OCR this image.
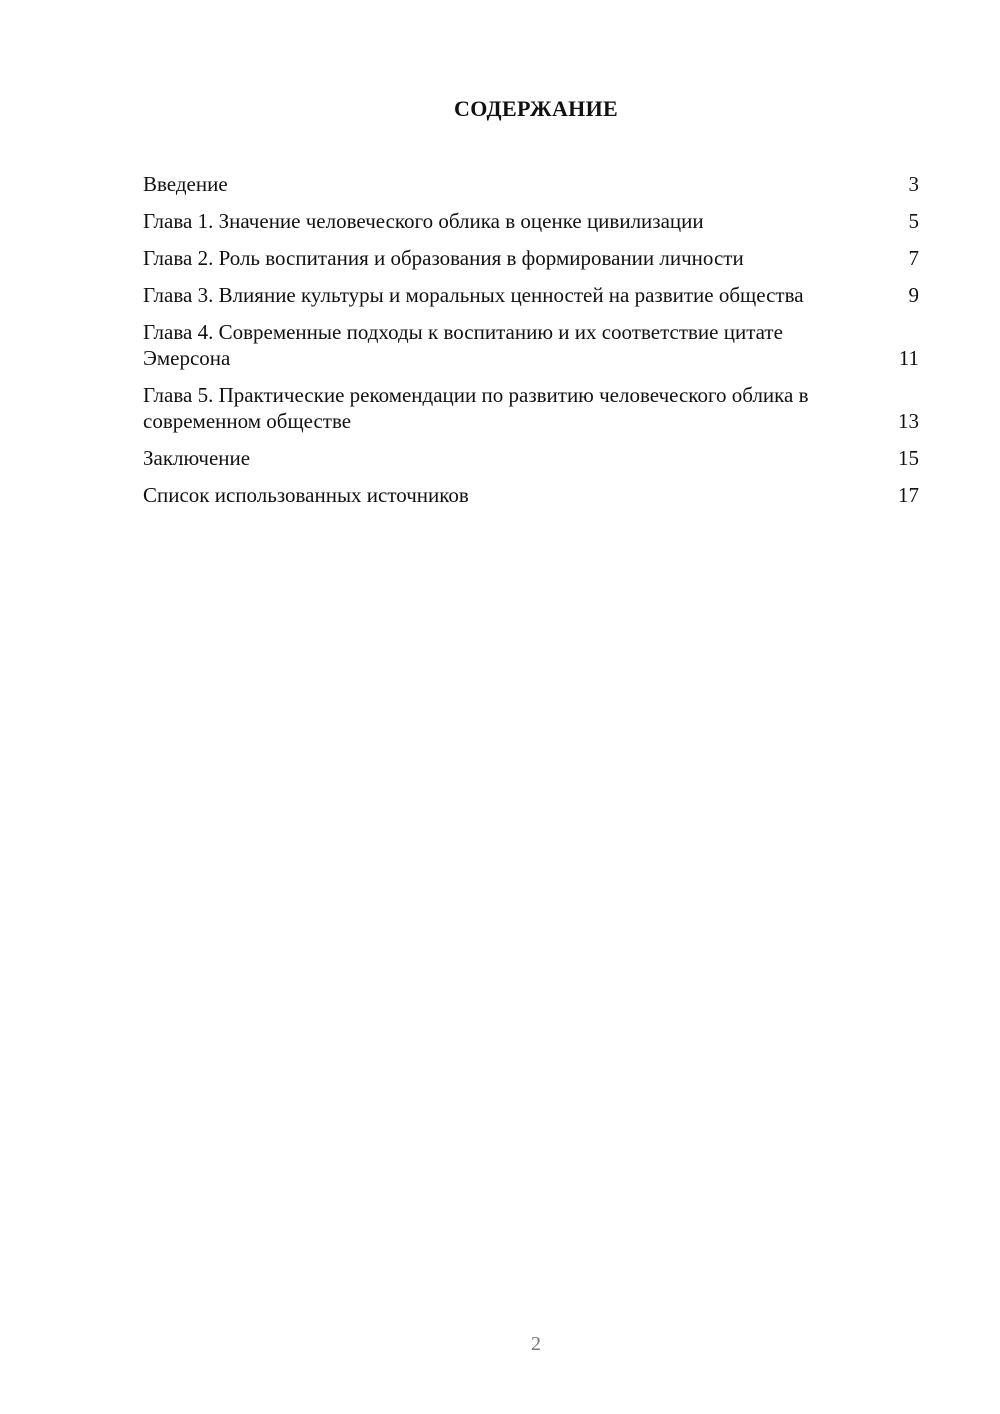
СОДЕРЖАНИЕ
Введение	3
Глава 1. Значение человеческого облика в оценке цивилизации	5
Глава 2. Роль воспитания и образования в формировании личности	7
Глава 3. Влияние культуры и моральных ценностей на развитие общества	9
Глава 4. Современные подходы к воспитанию и их соответствие цитате Эмерсона	11
Глава 5. Практические рекомендации по развитию человеческого облика в современном обществе	13
Заключение	15
Список использованных источников	17
2
